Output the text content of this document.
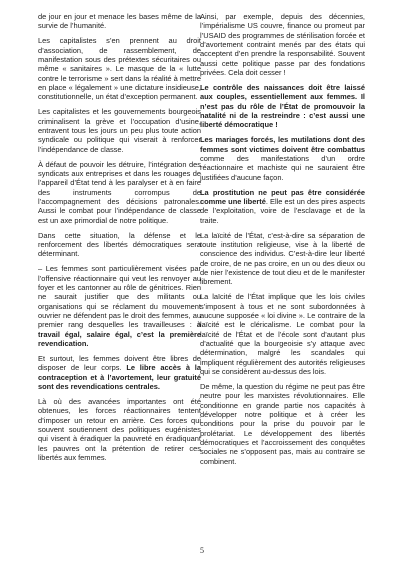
de jour en jour et menace les bases même de la survie de l’humanité.

Les capitalistes s’en prennent au droit d’association, de rassemblement, de manifestation sous des prétextes sécuritaires ou même « sanitaires ». Le masque de la « lutte contre le terrorisme » sert dans la réalité à mettre en place « légalement » une dictature insidieuse, constitutionnelle, un état d’exception permanent.

Les capitalistes et les gouvernements bourgeois criminalisent la grève et l’occupation d’usine, entravent tous les jours un peu plus toute action syndicale ou politique qui viserait à renforcer l’indépendance de classe.

À défaut de pouvoir les détruire, l’intégration des syndicats aux entreprises et dans les rouages de l’appareil d’État tend à les paralyser et à en faire des instruments corrompus de l’accompagnement des décisions patronales. Aussi le combat pour l’indépendance de classe est un axe primordial de notre politique.

Dans cette situation, la défense et le renforcement des libertés démocratiques sera déterminant.

– Les femmes sont particulièrement visées par l’offensive réactionnaire qui veut les renvoyer au foyer et les cantonner au rôle de génitrices. Rien ne saurait justifier que des militants ou organisations qui se réclament du mouvement ouvrier ne défendent pas le droit des femmes, au premier rang desquelles les travailleuses : à travail égal, salaire égal, c’est la première revendication.

Et surtout, les femmes doivent être libres de disposer de leur corps. Le libre accès à la contraception et à l’avortement, leur gratuité sont des revendications centrales.

Là où des avancées importantes ont été obtenues, les forces réactionnaires tentent d’imposer un retour en arrière. Ces forces qui souvent soutiennent des politiques eugénistes qui visent à éradiquer la pauvreté en éradiquant les pauvres ont la prétention de retirer ces libertés aux femmes.

Ainsi, par exemple, depuis des décennies, l’impérialisme US couvre, finance ou promeut par l’USAID des programmes de stérilisation forcée et d’avortement contraint menés par des états qui acceptent d’en prendre la responsabilité. Souvent aussi cette politique passe par des fondations privées. Cela doit cesser !

Le contrôle des naissances doit être laissé aux couples, essentiellement aux femmes. Il n’est pas du rôle de l’État de promouvoir la natalité ni de la restreindre : c’est aussi une liberté démocratique !

Les mariages forcés, les mutilations dont des femmes sont victimes doivent être combattus comme des manifestations d’un ordre réactionnaire et machiste qui ne sauraient être justifiées d’aucune façon.

La prostitution ne peut pas être considérée comme une liberté. Elle est un des pires aspects de l’exploitation, voire de l’esclavage et de la traite.

La laïcité de l’État, c’est-à-dire sa séparation de toute institution religieuse, vise à la liberté de conscience des individus. C’est-à-dire leur liberté de croire, de ne pas croire, en un ou des dieux ou de nier l’existence de tout dieu et de le manifester librement.

La laïcité de l’État implique que les lois civiles s’imposent à tous et ne sont subordonnées à aucune supposée « loi divine ». Le contraire de la laïcité est le cléricalisme. Le combat pour la laïcité de l’État et de l’école sont d’autant plus d’actualité que la bourgeoisie s’y attaque avec détermination, malgré les scandales qui impliquent régulièrement des autorités religieuses qui se considèrent au-dessus des lois.

De même, la question du régime ne peut pas être neutre pour les marxistes révolutionnaires. Elle conditionne en grande partie nos capacités à développer notre politique et à créer les conditions pour la prise du pouvoir par le prolétariat. Le développement des libertés démocratiques et l’accroissement des conquêtes sociales ne s’opposent pas, mais au contraire se combinent.

5
